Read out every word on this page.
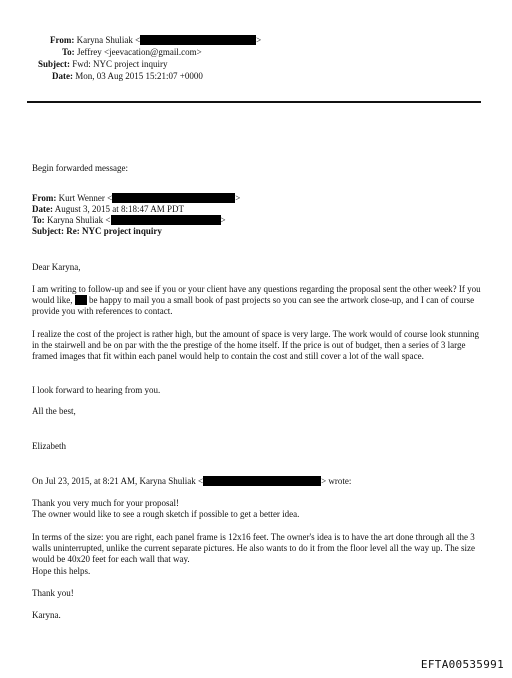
From: Karyna Shuliak <	>
To: Jeffrey <jeevacation@gmail.com>
Subject: Fwd: NYC project inquiry
Date: Mon, 03 Aug 2015 15:21:07 +0000
Begin forwarded message:
From: Kurt Wenner <	>
Date: August 3, 2015 at 8:18:47 AM PDT
To: Karyna Shuliak <	>
Subject: Re: NYC project inquiry
Dear Karyna,
I am writing to follow-up and see if you or your client have any questions regarding the proposal sent the other week? If you would like,  be happy to mail you a small book of past projects so you can see the artwork close-up, and I can of course provide you with references to contact.
I realize the cost of the project is rather high, but the amount of space is very large. The work would of course look stunning in the stairwell and be on par with the the prestige of the home itself. If the price is out of budget, then a series of 3 large framed images that fit within each panel would help to contain the cost and still cover a lot of the wall space.
I look forward to hearing from you.
All the best,
Elizabeth
On Jul 23, 2015, at 8:21 AM, Karyna Shuliak <	> wrote:
Thank you very much for your proposal!
The owner would like to see a rough sketch if possible to get a better idea.
In terms of the size: you are right, each panel frame is 12x16 feet. The owner's idea is to have the art done through all the 3 walls uninterrupted, unlike the current separate pictures. He also wants to do it from the floor level all the way up. The size would be 40x20 feet for each wall that way.
Hope this helps.
Thank you!
Karyna.
EFTA00535991
